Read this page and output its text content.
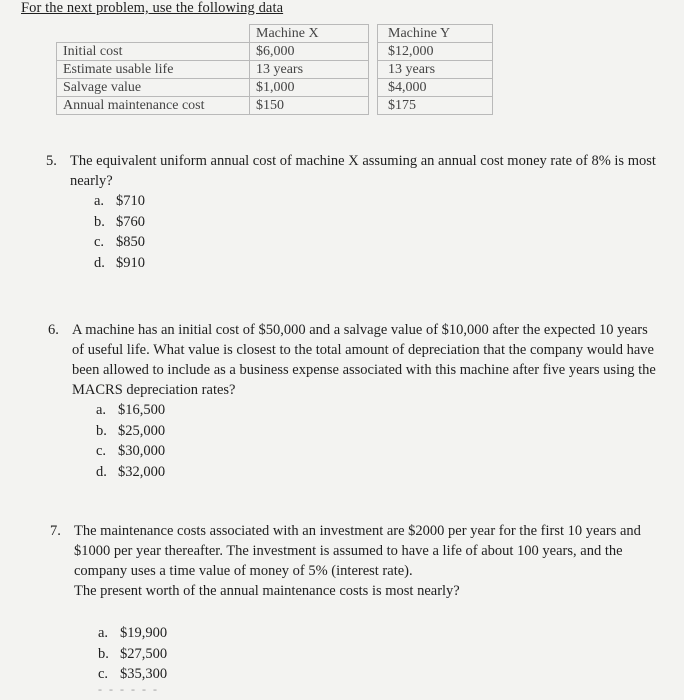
For the next problem, use the following data
	Machine X		Machine Y
Initial cost	$6,000		$12,000
Estimate usable life	13 years		13 years
Salvage value	$1,000		$4,000
Annual maintenance cost	$150		$175
5. The equivalent uniform annual cost of machine X assuming an annual cost money rate of 8% is most nearly?
a. $710
b. $760
c. $850
d. $910
6. A machine has an initial cost of $50,000 and a salvage value of $10,000 after the expected 10 years of useful life. What value is closest to the total amount of depreciation that the company would have been allowed to include as a business expense associated with this machine after five years using the MACRS depreciation rates?
a. $16,500
b. $25,000
c. $30,000
d. $32,000
7. The maintenance costs associated with an investment are $2000 per year for the first 10 years and $1000 per year thereafter. The investment is assumed to have a life of about 100 years, and the company uses a time value of money of 5% (interest rate).
The present worth of the annual maintenance costs is most nearly?
a. $19,900
b. $27,500
c. $35,300
- - - - - -
